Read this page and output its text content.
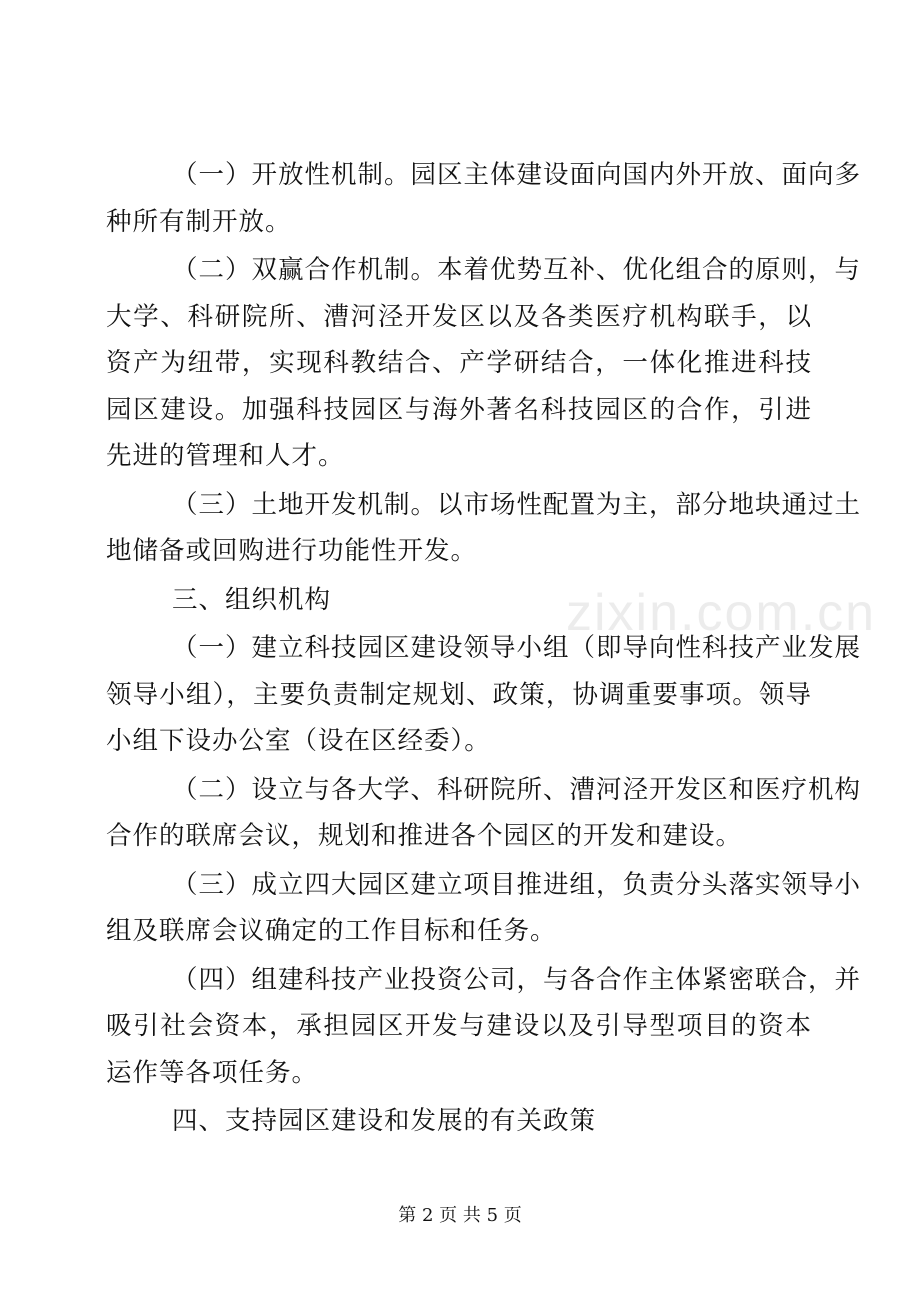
（一）开放性机制。园区主体建设面向国内外开放、面向多
种所有制开放。

（二）双赢合作机制。本着优势互补、优化组合的原则，与
大学、科研院所、漕河泾开发区以及各类医疗机构联手，以资产为纽带，实现科教结合、产学研结合，一体化推进科技园区建设。加强科技园区与海外著名科技园区的合作，引进先进的管理和人才。

（三）土地开发机制。以市场性配置为主，部分地块通过土
地储备或回购进行功能性开发。

三、组织机构

（一）建立科技园区建设领导小组（即导向性科技产业发展
领导小组），主要负责制定规划、政策，协调重要事项。领导小组下设办公室（设在区经委）。

（二）设立与各大学、科研院所、漕河泾开发区和医疗机构
合作的联席会议，规划和推进各个园区的开发和建设。

（三）成立四大园区建立项目推进组，负责分头落实领导小
组及联席会议确定的工作目标和任务。

（四）组建科技产业投资公司，与各合作主体紧密联合，并
吸引社会资本，承担园区开发与建设以及引导型项目的资本运作等各项任务。

四、支持园区建设和发展的有关政策

zixin.com.cn
第 2 页 共 5 页
